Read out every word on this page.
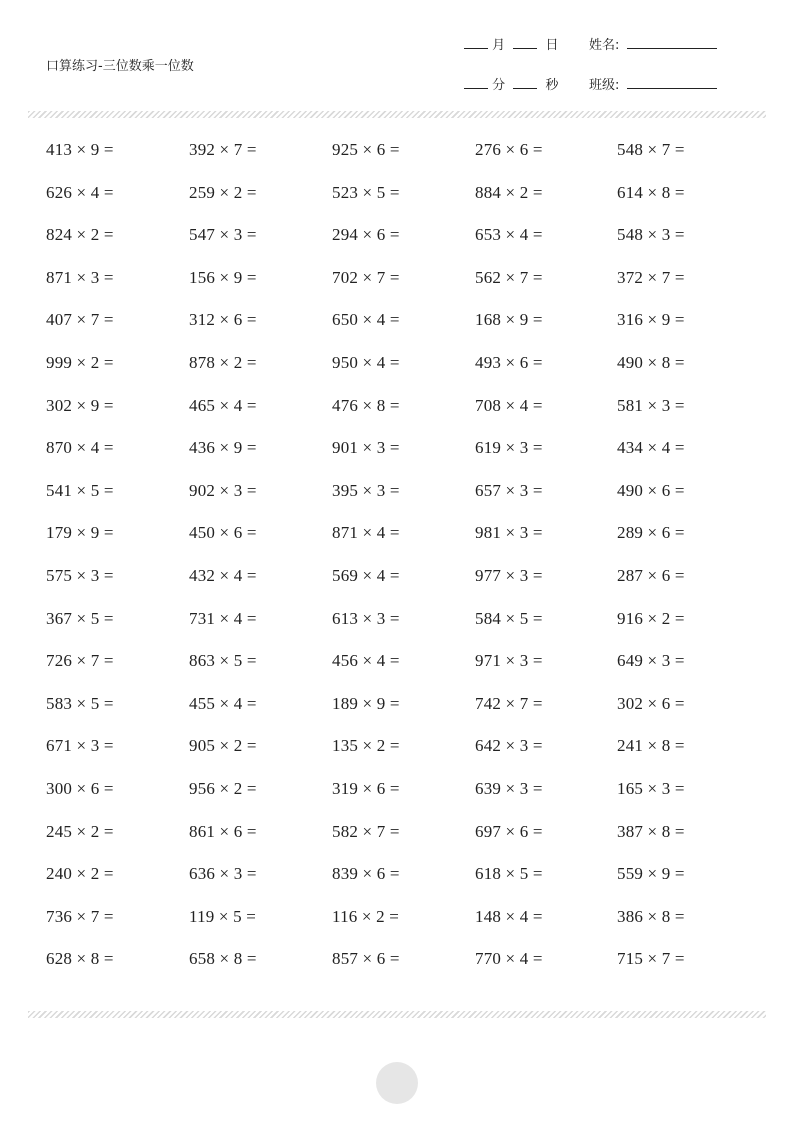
口算练习-三位数乘一位数
月	日 姓名:
分	秒 班级:
413 × 9 =	392 × 7 =	925 × 6 =	276 × 6 =	548 × 7 =
626 × 4 =	259 × 2 =	523 × 5 =	884 × 2 =	614 × 8 =
824 × 2 =	547 × 3 =	294 × 6 =	653 × 4 =	548 × 3 =
871 × 3 =	156 × 9 =	702 × 7 =	562 × 7 =	372 × 7 =
407 × 7 =	312 × 6 =	650 × 4 =	168 × 9 =	316 × 9 =
999 × 2 =	878 × 2 =	950 × 4 =	493 × 6 =	490 × 8 =
302 × 9 =	465 × 4 =	476 × 8 =	708 × 4 =	581 × 3 =
870 × 4 =	436 × 9 =	901 × 3 =	619 × 3 =	434 × 4 =
541 × 5 =	902 × 3 =	395 × 3 =	657 × 3 =	490 × 6 =
179 × 9 =	450 × 6 =	871 × 4 =	981 × 3 =	289 × 6 =
575 × 3 =	432 × 4 =	569 × 4 =	977 × 3 =	287 × 6 =
367 × 5 =	731 × 4 =	613 × 3 =	584 × 5 =	916 × 2 =
726 × 7 =	863 × 5 =	456 × 4 =	971 × 3 =	649 × 3 =
583 × 5 =	455 × 4 =	189 × 9 =	742 × 7 =	302 × 6 =
671 × 3 =	905 × 2 =	135 × 2 =	642 × 3 =	241 × 8 =
300 × 6 =	956 × 2 =	319 × 6 =	639 × 3 =	165 × 3 =
245 × 2 =	861 × 6 =	582 × 7 =	697 × 6 =	387 × 8 =
240 × 2 =	636 × 3 =	839 × 6 =	618 × 5 =	559 × 9 =
736 × 7 =	119 × 5 =	116 × 2 =	148 × 4 =	386 × 8 =
628 × 8 =	658 × 8 =	857 × 6 =	770 × 4 =	715 × 7 =
